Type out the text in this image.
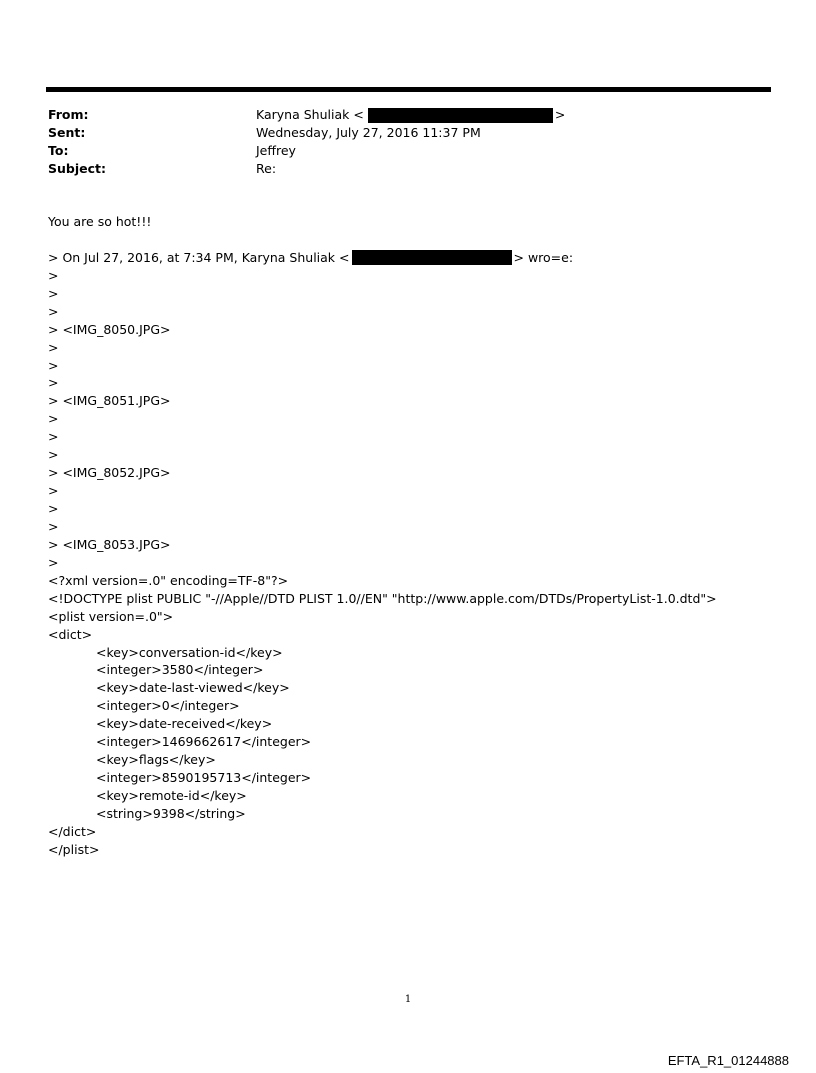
From:	Karyna Shuliak <	>
Sent:	Wednesday, July 27, 2016 11:37 PM
To:	Jeffrey
Subject:	Re:
You are so hot!!!
> On Jul 27, 2016, at 7:34 PM, Karyna Shuliak <	> wro=e:
>
>
>
> <IMG_8050.JPG>
>
>
>
> <IMG_8051.JPG>
>
>
>
> <IMG_8052.JPG>
>
>
>
> <IMG_8053.JPG>
>
<?xml version=.0" encoding=TF-8"?>
<!DOCTYPE plist PUBLIC "-//Apple//DTD PLIST 1.0//EN" "http://www.apple.com/DTDs/PropertyList-1.0.dtd">
<plist version=.0">
<dict>
<key>conversation-id</key>
<integer>3580</integer>
<key>date-last-viewed</key>
<integer>0</integer>
<key>date-received</key>
<integer>1469662617</integer>
<key>flags</key>
<integer>8590195713</integer>
<key>remote-id</key>
<string>9398</string>
</dict>
</plist>
1
EFTA_R1_01244888
